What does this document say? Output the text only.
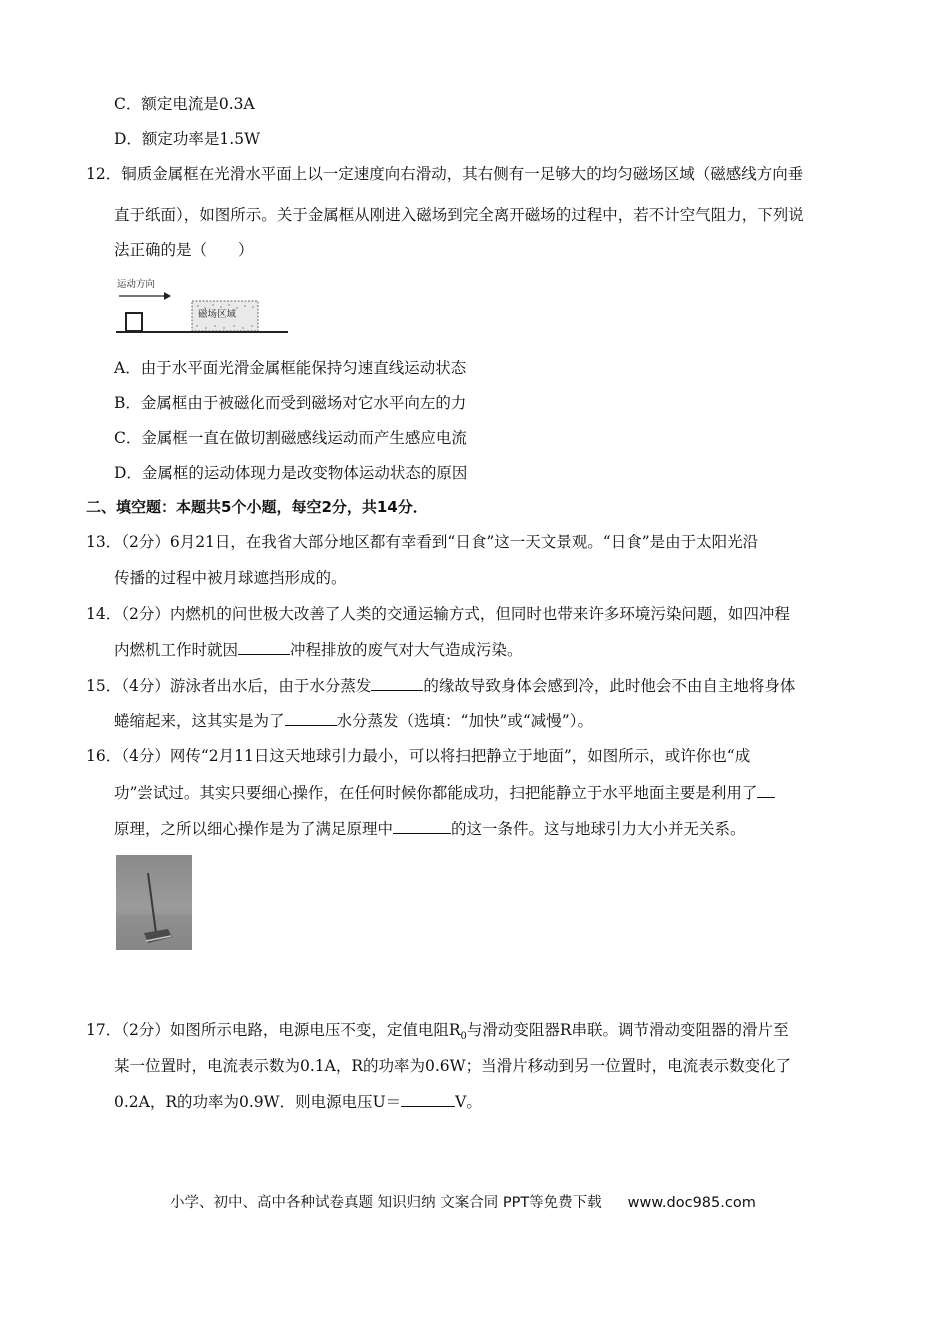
C．额定电流是0.3A
D．额定功率是1.5W
12．铜质金属框在光滑水平面上以一定速度向右滑动，其右侧有一足够大的均匀磁场区域（磁感线方向垂
直于纸面），如图所示。关于金属框从刚进入磁场到完全离开磁场的过程中，若不计空气阻力，下列说
法正确的是（　　）
运动方向
磁场区域
A．由于水平面光滑金属框能保持匀速直线运动状态
B．金属框由于被磁化而受到磁场对它水平向左的力
C．金属框一直在做切割磁感线运动而产生感应电流
D．金属框的运动体现力是改变物体运动状态的原因
二、填空题：本题共5个小题，每空2分，共14分．
13．（2分）6月21日，在我省大部分地区都有幸看到“日食”这一天文景观。“日食”是由于太阳光沿
传播的过程中被月球遮挡形成的。
14．（2分）内燃机的问世极大改善了人类的交通运输方式，但同时也带来许多环境污染问题，如四冲程
内燃机工作时就因	冲程排放的废气对大气造成污染。
15．（4分）游泳者出水后，由于水分蒸发	的缘故导致身体会感到冷，此时他会不由自主地将身体
蜷缩起来，这其实是为了	水分蒸发（选填：“加快”或“减慢”）。
16．（4分）网传“2月11日这天地球引力最小，可以将扫把静立于地面”，如图所示，或许你也“成
功”尝试过。其实只要细心操作，在任何时候你都能成功，扫把能静立于水平地面主要是利用了
原理，之所以细心操作是为了满足原理中	的这一条件。这与地球引力大小并无关系。
17．（2分）如图所示电路，电源电压不变，定值电阻$R_0$与滑动变阻器R串联。调节滑动变阻器的滑片至
某一位置时，电流表示数为0.1A，R的功率为0.6W；当滑片移动到另一位置时，电流表示数变化了
0.2A，R的功率为0.9W．则电源电压U＝	V。
小学、初中、高中各种试卷真题 知识归纳 文案合同 PPT等免费下载 www.doc985.com
